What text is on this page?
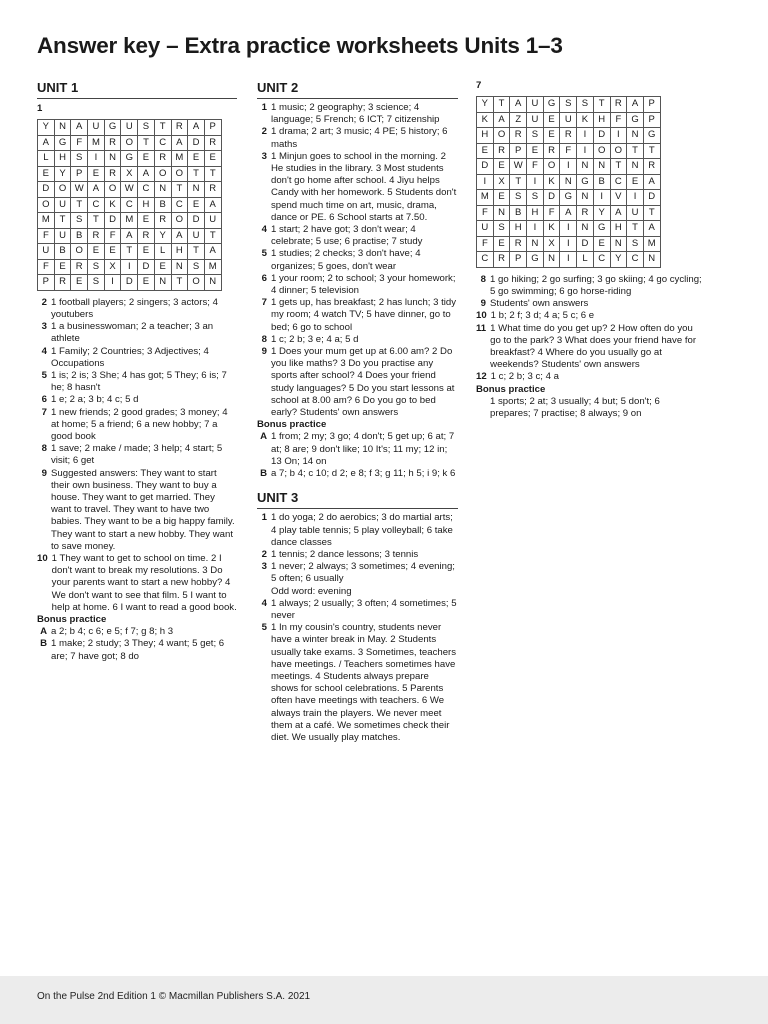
Answer key – Extra practice worksheets Units 1–3
UNIT 1
1
Y	N	A	U	G	U	S	T	R	A	P
A	G	F	M	R	O	T	C	A	D	R
L	H	S	I	N	G	E	R	M	E	E
E	Y	P	E	R	X	A	O	O	T	T
D	O	W	A	O	W	C	N	T	N	R
O	U	T	C	K	C	H	B	C	E	A
M	T	S	T	D	M	E	R	O	D	U
F	U	B	R	F	A	R	Y	A	U	T
U	B	O	E	E	T	E	L	H	T	A
F	E	R	S	X	I	D	E	N	S	M
P	R	E	S	I	D	E	N	T	O	N
2 1 football players; 2 singers; 3 actors; 4 youtubers
3 1 a businesswoman; 2 a teacher; 3 an athlete
4 1 Family; 2 Countries; 3 Adjectives; 4 Occupations
5 1 is; 2 is; 3 She; 4 has got; 5 They; 6 is; 7 he; 8 hasn't
6 1 e; 2 a; 3 b; 4 c; 5 d
7 1 new friends; 2 good grades; 3 money; 4 at home; 5 a friend; 6 a new hobby; 7 a good book
8 1 save; 2 make / made; 3 help; 4 start; 5 visit; 6 get
9 Suggested answers: They want to start their own business. They want to buy a house. They want to get married. They want to travel. They want to have two babies. They want to be a big happy family. They want to start a new hobby. They want to save money.
10 1 They want to get to school on time. 2 I don't want to break my resolutions. 3 Do your parents want to start a new hobby? 4 We don't want to see that film. 5 I want to help at home. 6 I want to read a good book.
Bonus practice
A a 2; b 4; c 6; e 5; f 7; g 8; h 3
B 1 make; 2 study; 3 They; 4 want; 5 get; 6 are; 7 have got; 8 do
UNIT 2
1 1 music; 2 geography; 3 science; 4 language; 5 French; 6 ICT; 7 citizenship
2 1 drama; 2 art; 3 music; 4 PE; 5 history; 6 maths
3 1 Minjun goes to school in the morning. 2 He studies in the library. 3 Most students don't go home after school. 4 Jiyu helps Candy with her homework. 5 Students don't spend much time on art, music, drama, dance or PE. 6 School starts at 7.50.
4 1 start; 2 have got; 3 don't wear; 4 celebrate; 5 use; 6 practise; 7 study
5 1 studies; 2 checks; 3 don't have; 4 organizes; 5 goes, don't wear
6 1 your room; 2 to school; 3 your homework; 4 dinner; 5 television
7 1 gets up, has breakfast; 2 has lunch; 3 tidy my room; 4 watch TV; 5 have dinner, go to bed; 6 go to school
8 1 c; 2 b; 3 e; 4 a; 5 d
9 1 Does your mum get up at 6.00 am? 2 Do you like maths? 3 Do you practise any sports after school? 4 Does your friend study languages? 5 Do you start lessons at school at 8.00 am? 6 Do you go to bed early? Students' own answers
Bonus practice
A 1 from; 2 my; 3 go; 4 don't; 5 get up; 6 at; 7 at; 8 are; 9 don't like; 10 It's; 11 my; 12 in; 13 On; 14 on
B a 7; b 4; c 10; d 2; e 8; f 3; g 11; h 5; i 9; k 6
UNIT 3
1 1 do yoga; 2 do aerobics; 3 do martial arts; 4 play table tennis; 5 play volleyball; 6 take dance classes
2 1 tennis; 2 dance lessons; 3 tennis
3 1 never; 2 always; 3 sometimes; 4 evening; 5 often; 6 usually
Odd word: evening
4 1 always; 2 usually; 3 often; 4 sometimes; 5 never
5 1 In my cousin's country, students never have a winter break in May. 2 Students usually take exams. 3 Sometimes, teachers have meetings. / Teachers sometimes have meetings. 4 Students always prepare shows for school celebrations. 5 Parents often have meetings with teachers. 6 We always train the players. We never meet them at a café. We sometimes check their diet. We usually play matches.
7
Y	T	A	U	G	S	S	T	R	A	P
K	A	Z	U	E	U	K	H	F	G	P
H	O	R	S	E	R	I	D	I	N	G
E	R	P	E	R	F	I	O	O	T	T
D	E	W	F	O	I	N	N	T	N	R
I	X	T	I	K	N	G	B	C	E	A
M	E	S	S	D	G	N	I	V	I	D
F	N	B	H	F	A	R	Y	A	U	T
U	S	H	I	K	I	N	G	H	T	A
F	E	R	N	X	I	D	E	N	S	M
C	R	P	G	N	I	L	C	Y	C	N
8 1 go hiking; 2 go surfing; 3 go skiing; 4 go cycling; 5 go swimming; 6 go horse-riding
9 Students' own answers
10 1 b; 2 f; 3 d; 4 a; 5 c; 6 e
11 1 What time do you get up? 2 How often do you go to the park? 3 What does your friend have for breakfast? 4 Where do you usually go at weekends? Students' own answers
12 1 c; 2 b; 3 c; 4 a
Bonus practice
1 sports; 2 at; 3 usually; 4 but; 5 don't; 6 prepares; 7 practise; 8 always; 9 on
On the Pulse 2nd Edition 1 © Macmillan Publishers S.A. 2021
